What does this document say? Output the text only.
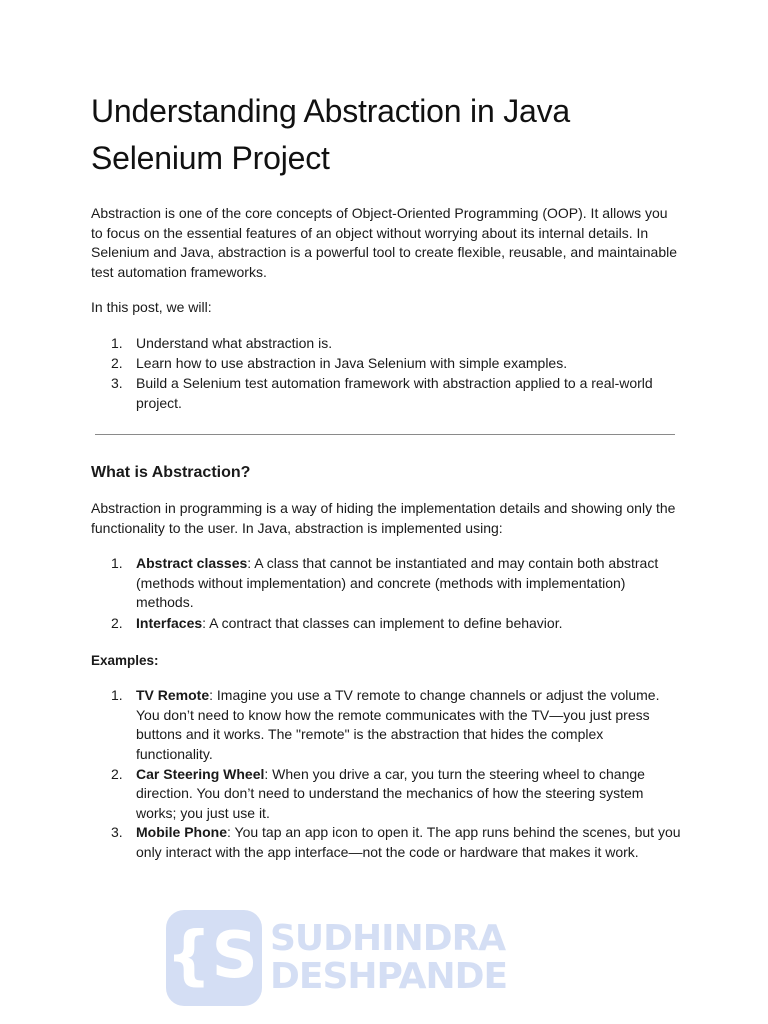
Understanding Abstraction in Java Selenium Project

Abstraction is one of the core concepts of Object-Oriented Programming (OOP). It allows you to focus on the essential features of an object without worrying about its internal details. In Selenium and Java, abstraction is a powerful tool to create flexible, reusable, and maintainable test automation frameworks.

In this post, we will:

1. Understand what abstraction is.
2. Learn how to use abstraction in Java Selenium with simple examples.
3. Build a Selenium test automation framework with abstraction applied to a real-world project.
What is Abstraction?

Abstraction in programming is a way of hiding the implementation details and showing only the functionality to the user. In Java, abstraction is implemented using:

1. Abstract classes: A class that cannot be instantiated and may contain both abstract (methods without implementation) and concrete (methods with implementation) methods.
2. Interfaces: A contract that classes can implement to define behavior.

Examples:

1. TV Remote: Imagine you use a TV remote to change channels or adjust the volume. You don’t need to know how the remote communicates with the TV—you just press buttons and it works. The "remote" is the abstraction that hides the complex functionality.
2. Car Steering Wheel: When you drive a car, you turn the steering wheel to change direction. You don’t need to understand the mechanics of how the steering system works; you just use it.
3. Mobile Phone: You tap an app icon to open it. The app runs behind the scenes, but you only interact with the app interface—not the code or hardware that makes it work.
{S}
SUDHINDRA
DESHPANDE
